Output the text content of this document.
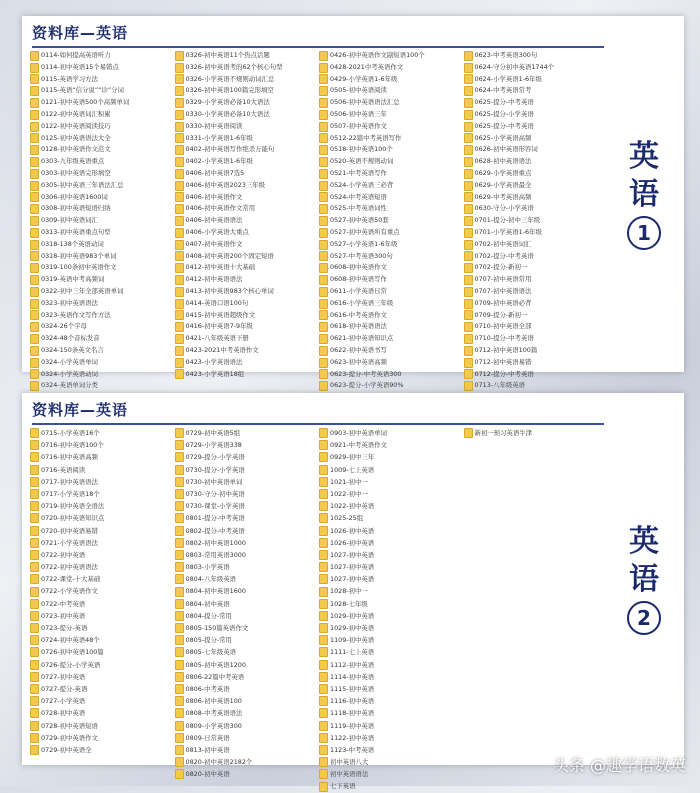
资料库—英语
0114-如何提高英语听力
0114-初中英语15个易错点
0115-英语学习方法
0115-英语“信分说”“诊”分词
0121-初中英语500个高频单词
0122-初中英语词汇积累
0122-初中英语阅读技巧
0125-初中英语语法大全
0128-初中英语作文范文
0303-九年级英语重点
0303-初中英语完形填空
0305-初中英语三年语法汇总
0306-初中英语1600词
0308-初中英语短语归纳
0309-初中英语词汇
0313-初中英语重点句型
0318-138个英语动词
0318-初中英语983个单词
0319-100条初中英语作文
0319-英语中考高频词
0322-初中三年全部英语单词
0323-初中英语语法
0323-英语作文写作方法
0324-26个字母
0324-48个音标发音
0324-150条英文名言
0324-小学英语单词
0324-小学英语动词
0324-英语单词分类
0326-初中英语11个热点话题
0326-初中英语考的62个核心句型
0326-小学英语不规则动词汇总
0326-初中英语100篇完形填空
0329-小学英语必备10大语法
0330-小学英语必备10大语法
0330-初中英语阅读
0331-小学英语1-6年级
0402-初中英语写作绝杀万能句
0402-小学英语1-6年级
0406-初中英语7选5
0406-初中英语2023三年级
0406-初中英语作文
0406-初中英语作文常用
0406-初中英语语法
0406-小学英语大重点
0407-初中英语作文
0408-初中英语200个固定短语
0412-初中英语十大基础
0412-初中英语语法
0413-初中英语983个核心单词
0414-英语口语100句
0415-初中英语超级作文
0416-初中英语7-9年级
0421-八年级英语下册
0423-2021中考英语作文
0423-小学英语语法
0423-小学英语18组
0426-初中英语作文副短语100个
0428-2021中考英语作文
0429-小学英语1-6年级
0505-初中英语阅读
0506-初中英语语法汇总
0506-初中英语三年
0507-初中英语作文
0512-22篇中考英语写作
0518-初中英语100个
0520-英语不规则动词
0521-中考英语写作
0524-小学英语三必背
0524-中考英语短语
0525-中考英语词性
0527-初中英语50套
0527-初中英语所有重点
0527-小学英语1-6年级
0527-中考英语300句
0608-初中英语作文
0608-初中英语写作
0611-小学英语日常
0616-小学英语三年级
0616-中考英语作文
0618-初中英语语法
0621-初中英语知识点
0622-初中英语书写
0623-初中英语高频
0623-提分-中考英语300
0623-提分-小学英语90%
0623-中考英语300句
0624-守分初中英语1744个
0624-小学英语1-6年级
0624-中考英语常考
0625-提分-中考英语
0625-提分-小学英语
0625-提分-中考英语
0625-小学英语高频
0626-初中英语形容词
0628-初中英语语法
0629-小学英语重点
0629-小学英语最全
0629-中考英语高频
0630-守分-小学英语
0701-提分-初中三年级
0701-小学英语1-6年级
0702-初中英语词汇
0702-提分-中考英语
0702-提分-新初一
0707-初中英语常用
0707-初中英语语法
0709-初中英语必背
0709-提分-新初一
0710-初中英语全部
0710-提分-中考英语
0712-初中英语100篇
0712-初中英语易错
0712-提分-中考英语
0713-八年级英语
英
语
1
资料库—英语
0715-小学英语16个
0716-初中英语100个
0716-初中英语高频
0716-英语阅读
0717-初中英语语法
0717-小学英语18个
0719-初中英语全语法
0720-初中英语知识点
0720-初中英语易错
0721-小学英语语法
0722-初中英语
0722-初中英语语法
0722-课堂-十大基础
0722-小学英语作文
0722-中考英语
0723-初中英语
0723-提分-英语
0724-初中英语48个
0726-初中英语100篇
0726-提分-小学英语
0727-初中英语
0727-提分-英语
0727-小学英语
0728-初中英语
0728-初中英语短语
0729-初中英语作文
0729-初中英语全
0729-初中英语5组
0729-小学英语338
0729-提分-小学英语
0730-提分-小学英语
0730-初中英语单词
0730-守分-初中英语
0730-课堂-小学英语
0801-提分-中考英语
0802-提分-中考英语
0802-初中英语1000
0803-常用英语3000
0803-小学英语
0804-八年级英语
0804-初中英语1600
0804-初中英语
0804-提分-常用
0805-150篇英语作文
0805-提分-常用
0805-七年级英语
0805-初中英语1200
0806-22篇中考英语
0806-中考英语
0806-初中英语100
0808-中考英语语法
0809-小学英语300
0809-日常英语
0813-初中英语
0820-初中英语2182个
0820-初中英语
0903-初中英语单词
0921-中考英语作文
0929-初中三年
1009-七上英语
1021-初中一
1022-初中一
1022-初中英语
1025-25组
1026-初中英语
1026-初中英语
1027-初中英语
1027-初中英语
1027-初中英语
1028-初中一
1028-七年级
1029-初中英语
1029-初中英语
1109-初中英语
1111-七上英语
1112-初中英语
1114-初中英语
1115-初中英语
1116-初中英语
1118-初中英语
1119-初中英语
1122-初中英语
1123-中考英语
初中英语八大
初中英语语法
七下英语
新初一预习英语牛津
英
语
2
头条 @趣学语数英
